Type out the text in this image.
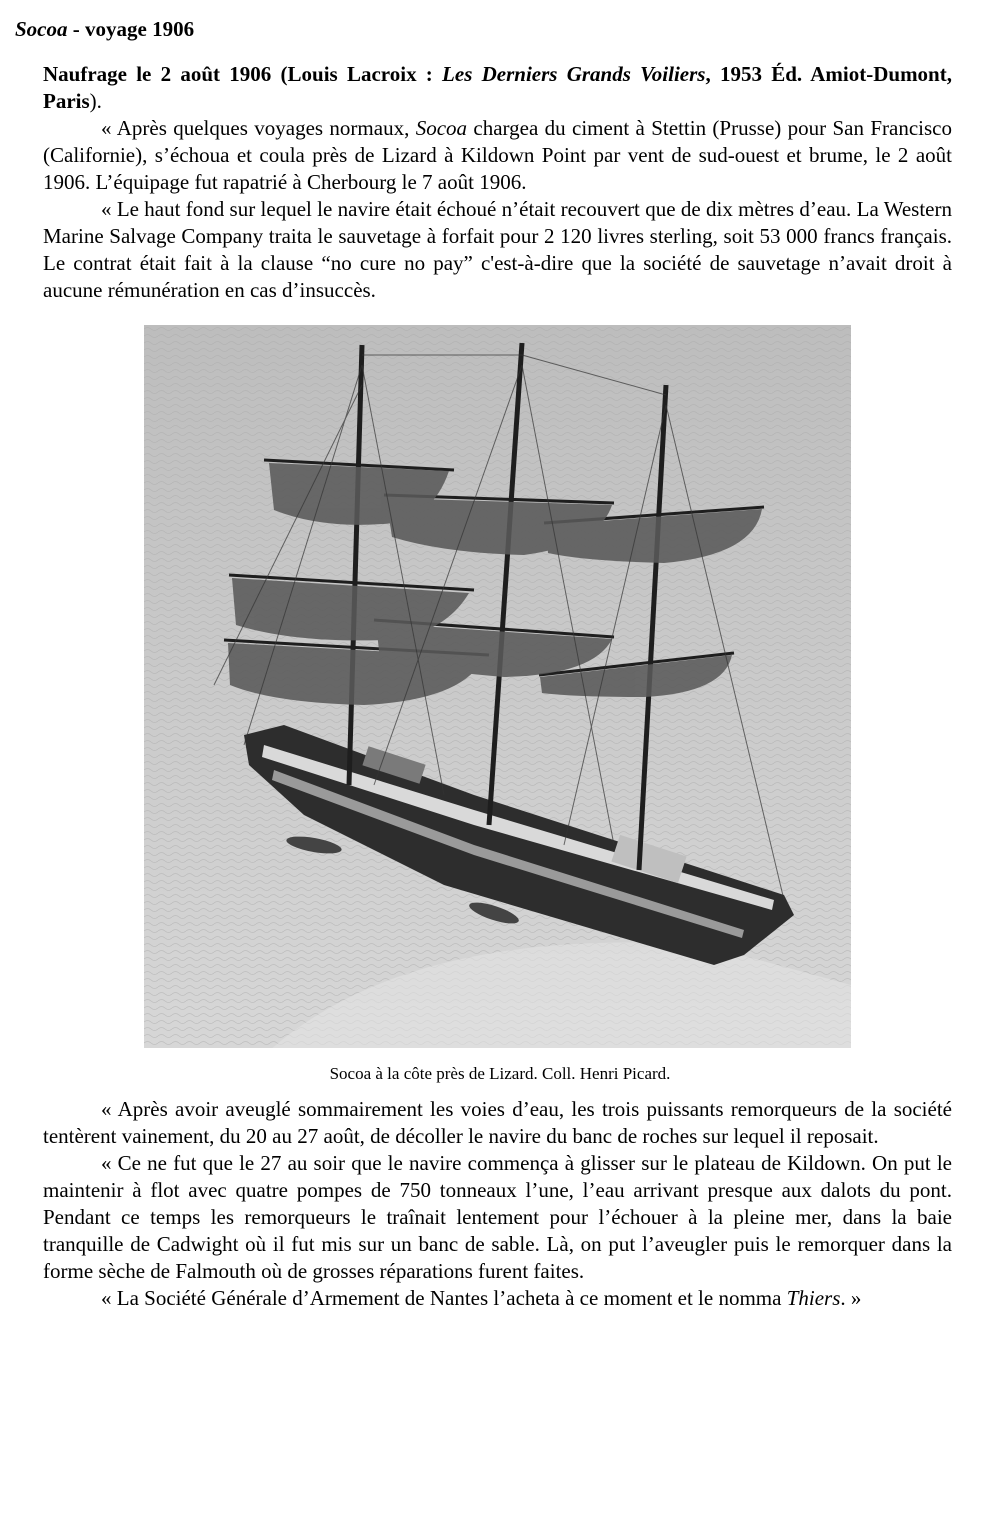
Socoa - voyage 1906

Naufrage le 2 août 1906 (Louis Lacroix : Les Derniers Grands Voiliers, 1953 Éd. Amiot-Dumont, Paris).

« Après quelques voyages normaux, Socoa chargea du ciment à Stettin (Prusse) pour San Francisco (Californie), s’échoua et coula près de Lizard à Kildown Point par vent de sud-ouest et brume, le 2 août 1906. L’équipage fut rapatrié à Cherbourg le 7 août 1906.

« Le haut fond sur lequel le navire était échoué n’était recouvert que de dix mètres d’eau. La Western Marine Salvage Company traita le sauvetage à forfait pour 2 120 livres sterling, soit 53 000 francs français. Le contrat était fait à la clause “no cure no pay” c'est-à-dire que la société de sauvetage n’avait droit à aucune rémunération en cas d’insuccès.

Socoa à la côte près de Lizard. Coll. Henri Picard.

« Après avoir aveuglé sommairement les voies d’eau, les trois puissants remorqueurs de la société tentèrent vainement, du 20 au 27 août, de décoller le navire du banc de roches sur lequel il reposait.

« Ce ne fut que le 27 au soir que le navire commença à glisser sur le plateau de Kildown. On put le maintenir à flot avec quatre pompes de 750 tonneaux l’une, l’eau arrivant presque aux dalots du pont. Pendant ce temps les remorqueurs le traînait lentement pour l’échouer à la pleine mer, dans la baie tranquille de Cadwight où il fut mis sur un banc de sable. Là, on put l’aveugler puis le remorquer dans la forme sèche de Falmouth où de grosses réparations furent faites.

« La Société Générale d’Armement de Nantes l’acheta à ce moment et le nomma Thiers. »
